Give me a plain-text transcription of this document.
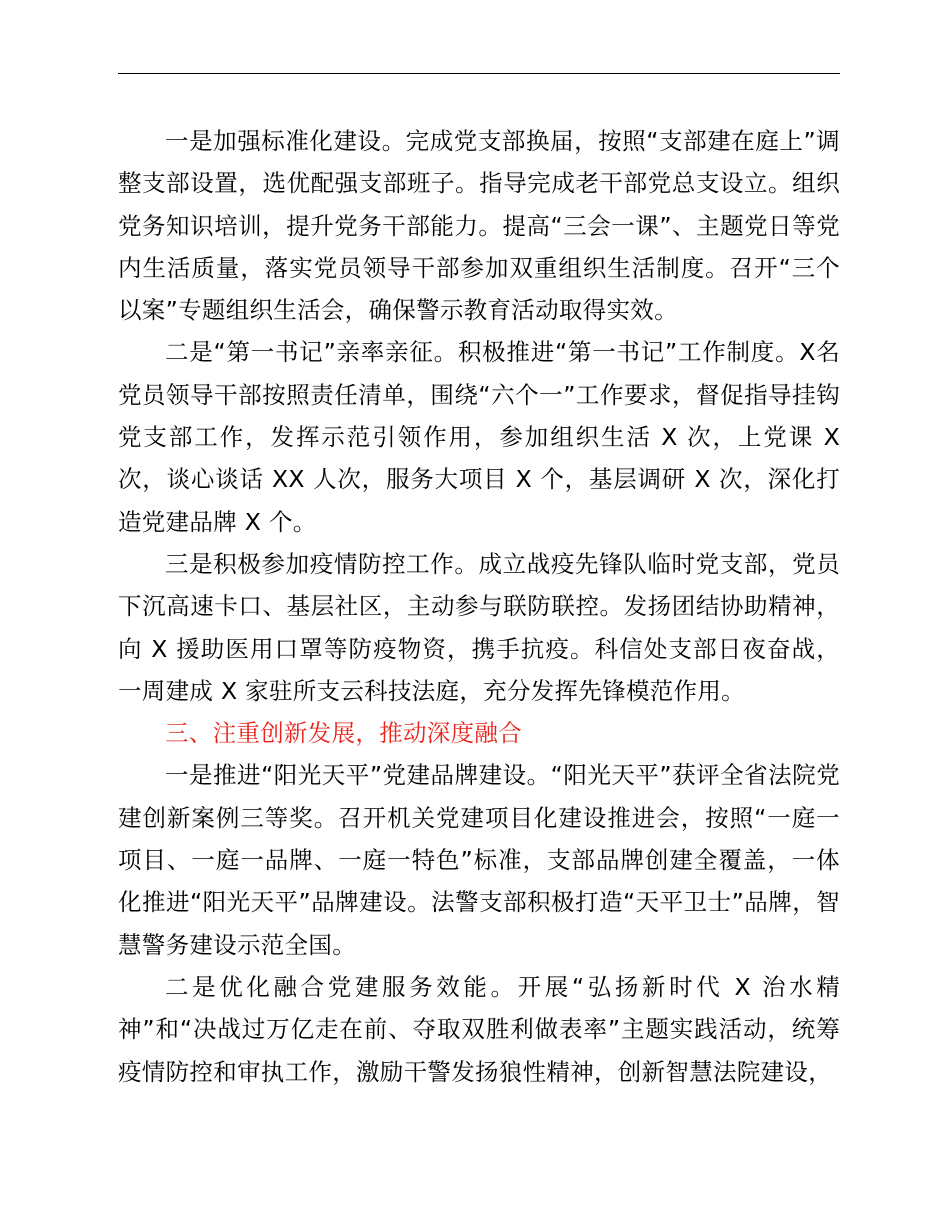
一是加强标准化建设。完成党支部换届，按照“支部建在庭上”调整支部设置，选优配强支部班子。指导完成老干部党总支设立。组织党务知识培训，提升党务干部能力。提高“三会一课”、主题党日等党内生活质量，落实党员领导干部参加双重组织生活制度。召开“三个以案”专题组织生活会，确保警示教育活动取得实效。

二是“第一书记”亲率亲征。积极推进“第一书记”工作制度。X名党员领导干部按照责任清单，围绕“六个一”工作要求，督促指导挂钩党支部工作，发挥示范引领作用，参加组织生活 X 次，上党课 X 次，谈心谈话 XX 人次，服务大项目 X 个，基层调研 X 次，深化打造党建品牌 X 个。

三是积极参加疫情防控工作。成立战疫先锋队临时党支部，党员下沉高速卡口、基层社区，主动参与联防联控。发扬团结协助精神，向 X 援助医用口罩等防疫物资，携手抗疫。科信处支部日夜奋战，一周建成 X 家驻所支云科技法庭，充分发挥先锋模范作用。

三、注重创新发展，推动深度融合

一是推进“阳光天平”党建品牌建设。“阳光天平”获评全省法院党建创新案例三等奖。召开机关党建项目化建设推进会，按照“一庭一项目、一庭一品牌、一庭一特色”标准，支部品牌创建全覆盖，一体化推进“阳光天平”品牌建设。法警支部积极打造“天平卫士”品牌，智慧警务建设示范全国。

二是优化融合党建服务效能。开展“弘扬新时代 X 治水精神”和“决战过万亿走在前、夺取双胜利做表率”主题实践活动，统筹疫情防控和审执工作，激励干警发扬狼性精神，创新智慧法院建设，
